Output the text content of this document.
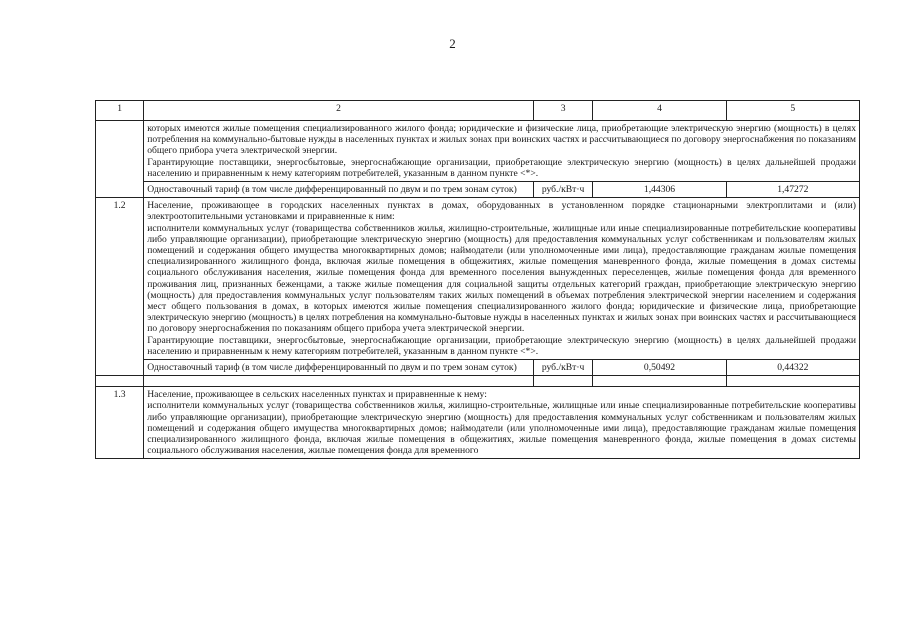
2
1	2	3	4	5

	которых имеются жилые помещения специализированного жилого фонда; юридические и физические лица, приобретающие электрическую энергию (мощность) в целях потребления на коммунально-бытовые нужды в населенных пунктах и жилых зонах при воинских частях и рассчитывающиеся по договору энергоснабжения по показаниям общего прибора учета электрической энергии.

Гарантирующие поставщики, энергосбытовые, энергоснабжающие организации, приобретающие электрическую энергию (мощность) в целях дальнейшей продажи населению и приравненным к нему категориям потребителей, указанным в данном пункте <*>.			

	Одноставочный тариф (в том числе дифференцированный по двум и по трем зонам суток)	руб./кВт·ч	1,44306	1,47272
1.2	Население, проживающее в городских населенных пунктах в домах, оборудованных в установленном порядке стационарными электроплитами и (или) электроотопительными установками и приравненные к ним:

исполнители коммунальных услуг (товарищества собственников жилья, жилищно-строительные, жилищные или иные специализированные потребительские кооперативы либо управляющие организации), приобретающие электрическую энергию (мощность) для предоставления коммунальных услуг собственникам и пользователям жилых помещений и содержания общего имущества многоквартирных домов; наймодатели (или уполномоченные ими лица), предоставляющие гражданам жилые помещения специализированного жилищного фонда, включая жилые помещения в общежитиях, жилые помещения маневренного фонда, жилые помещения в домах системы социального обслуживания населения, жилые помещения фонда для временного поселения вынужденных переселенцев, жилые помещения фонда для временного проживания лиц, признанных беженцами, а также жилые помещения для социальной защиты отдельных категорий граждан, приобретающие электрическую энергию (мощность) для предоставления коммунальных услуг пользователям таких жилых помещений в объемах потребления электрической энергии населением и содержания мест общего пользования в домах, в которых имеются жилые помещения специализированного жилого фонда; юридические и физические лица, приобретающие электрическую энергию (мощность) в целях потребления на коммунально-бытовые нужды в населенных пунктах и жилых зонах при воинских частях и рассчитывающиеся по договору энергоснабжения по показаниям общего прибора учета электрической энергии.

Гарантирующие поставщики, энергосбытовые, энергоснабжающие организации, приобретающие электрическую энергию (мощность) в целях дальнейшей продажи населению и приравненным к нему категориям потребителей, указанным в данном пункте <*>.			

	Одноставочный тариф (в том числе дифференцированный по двум и по трем зонам суток)	руб./кВт·ч	0,50492	0,44322

1.3	Население, проживающее в сельских населенных пунктах и приравненные к нему:

исполнители коммунальных услуг (товарищества собственников жилья, жилищно-строительные, жилищные или иные специализированные потребительские кооперативы либо управляющие организации), приобретающие электрическую энергию (мощность) для предоставления коммунальных услуг собственникам и пользователям жилых помещений и содержания общего имущества многоквартирных домов; наймодатели (или уполномоченные ими лица), предоставляющие гражданам жилые помещения специализированного жилищного фонда, включая жилые помещения в общежитиях, жилые помещения маневренного фонда, жилые помещения в домах системы социального обслуживания населения, жилые помещения фонда для временного			
